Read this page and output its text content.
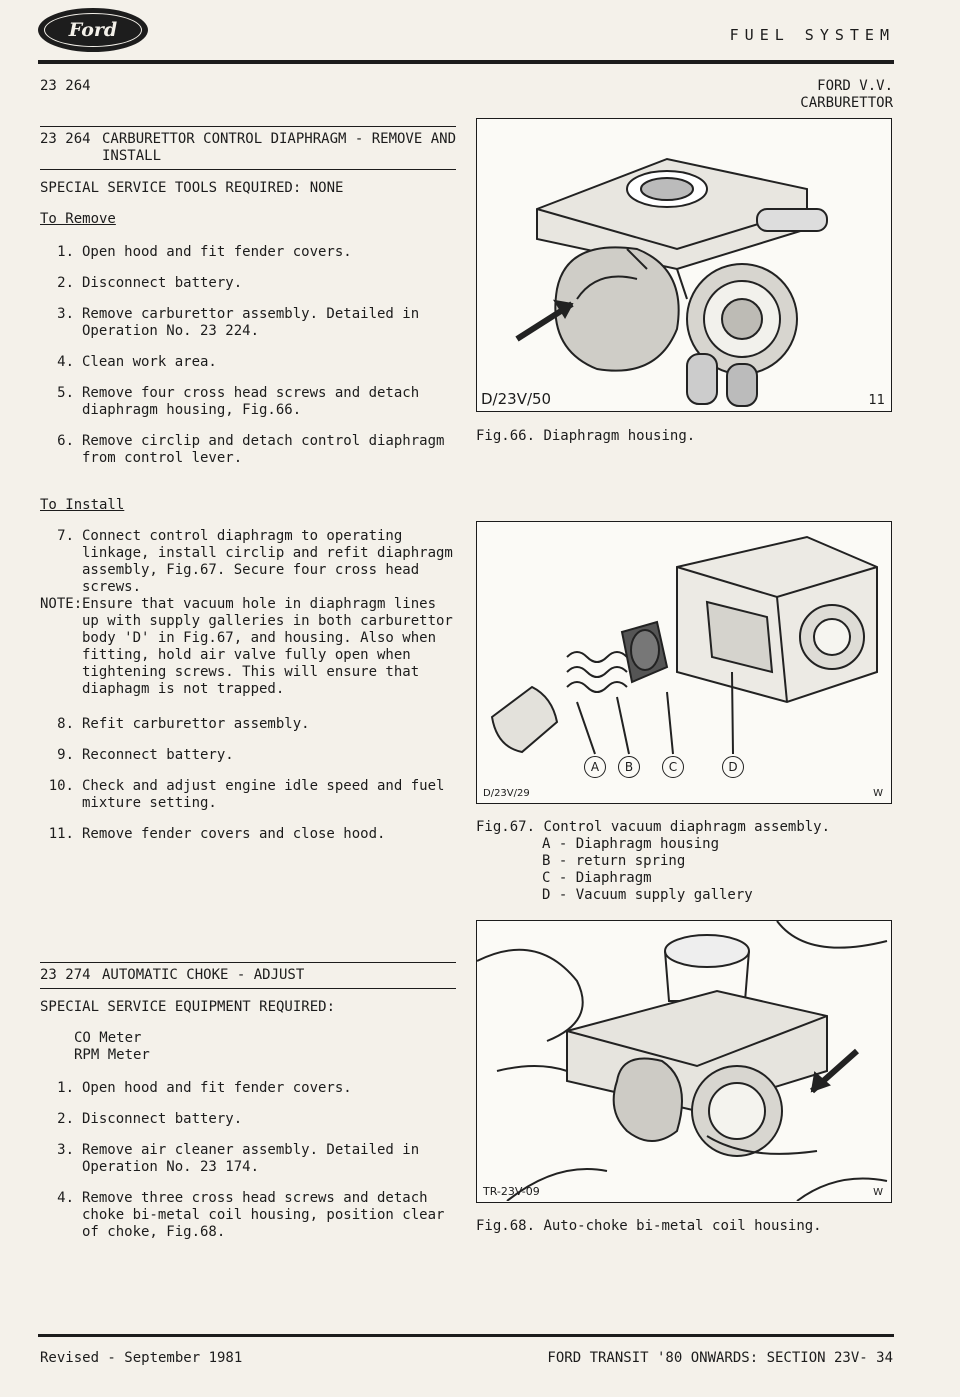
Ford	FUEL SYSTEM
23 264	FORD V.V.
CARBURETTOR
23 264 CARBURETTOR CONTROL DIAPHRAGM - REMOVE AND INSTALL
SPECIAL SERVICE TOOLS REQUIRED: NONE
To Remove
1. Open hood and fit fender covers.
2. Disconnect battery.
3. Remove carburettor assembly. Detailed in Operation No. 23 224.
4. Clean work area.
5. Remove four cross head screws and detach diaphragm housing, Fig.66.
6. Remove circlip and detach control diaphragm from control lever.
To Install
7. Connect control diaphragm to operating linkage, install circlip and refit diaphragm assembly, Fig.67. Secure four cross head screws.
NOTE: Ensure that vacuum hole in diaphragm lines up with supply galleries in both carburettor body 'D' in Fig.67, and housing. Also when fitting, hold air valve fully open when tightening screws. This will ensure that diaphagm is not trapped.
8. Refit carburettor assembly.
9. Reconnect battery.
10. Check and adjust engine idle speed and fuel mixture setting.
11. Remove fender covers and close hood.
23 274 AUTOMATIC CHOKE - ADJUST
SPECIAL SERVICE EQUIPMENT REQUIRED:
CO Meter
RPM Meter
1. Open hood and fit fender covers.
2. Disconnect battery.
3. Remove air cleaner assembly. Detailed in Operation No. 23 174.
4. Remove three cross head screws and detach choke bi-metal coil housing, position clear of choke, Fig.68.
D/23V/50	11
Fig.66. Diaphragm housing.
A	B	C	D
D/23V/29	W
Fig.67. Control vacuum diaphragm assembly.
A - Diaphragm housing
B - return spring
C - Diaphragm
D - Vacuum supply gallery
TR-23V-09	W
Fig.68. Auto-choke bi-metal coil housing.
Revised - September 1981	FORD TRANSIT '80 ONWARDS: SECTION 23V- 34
